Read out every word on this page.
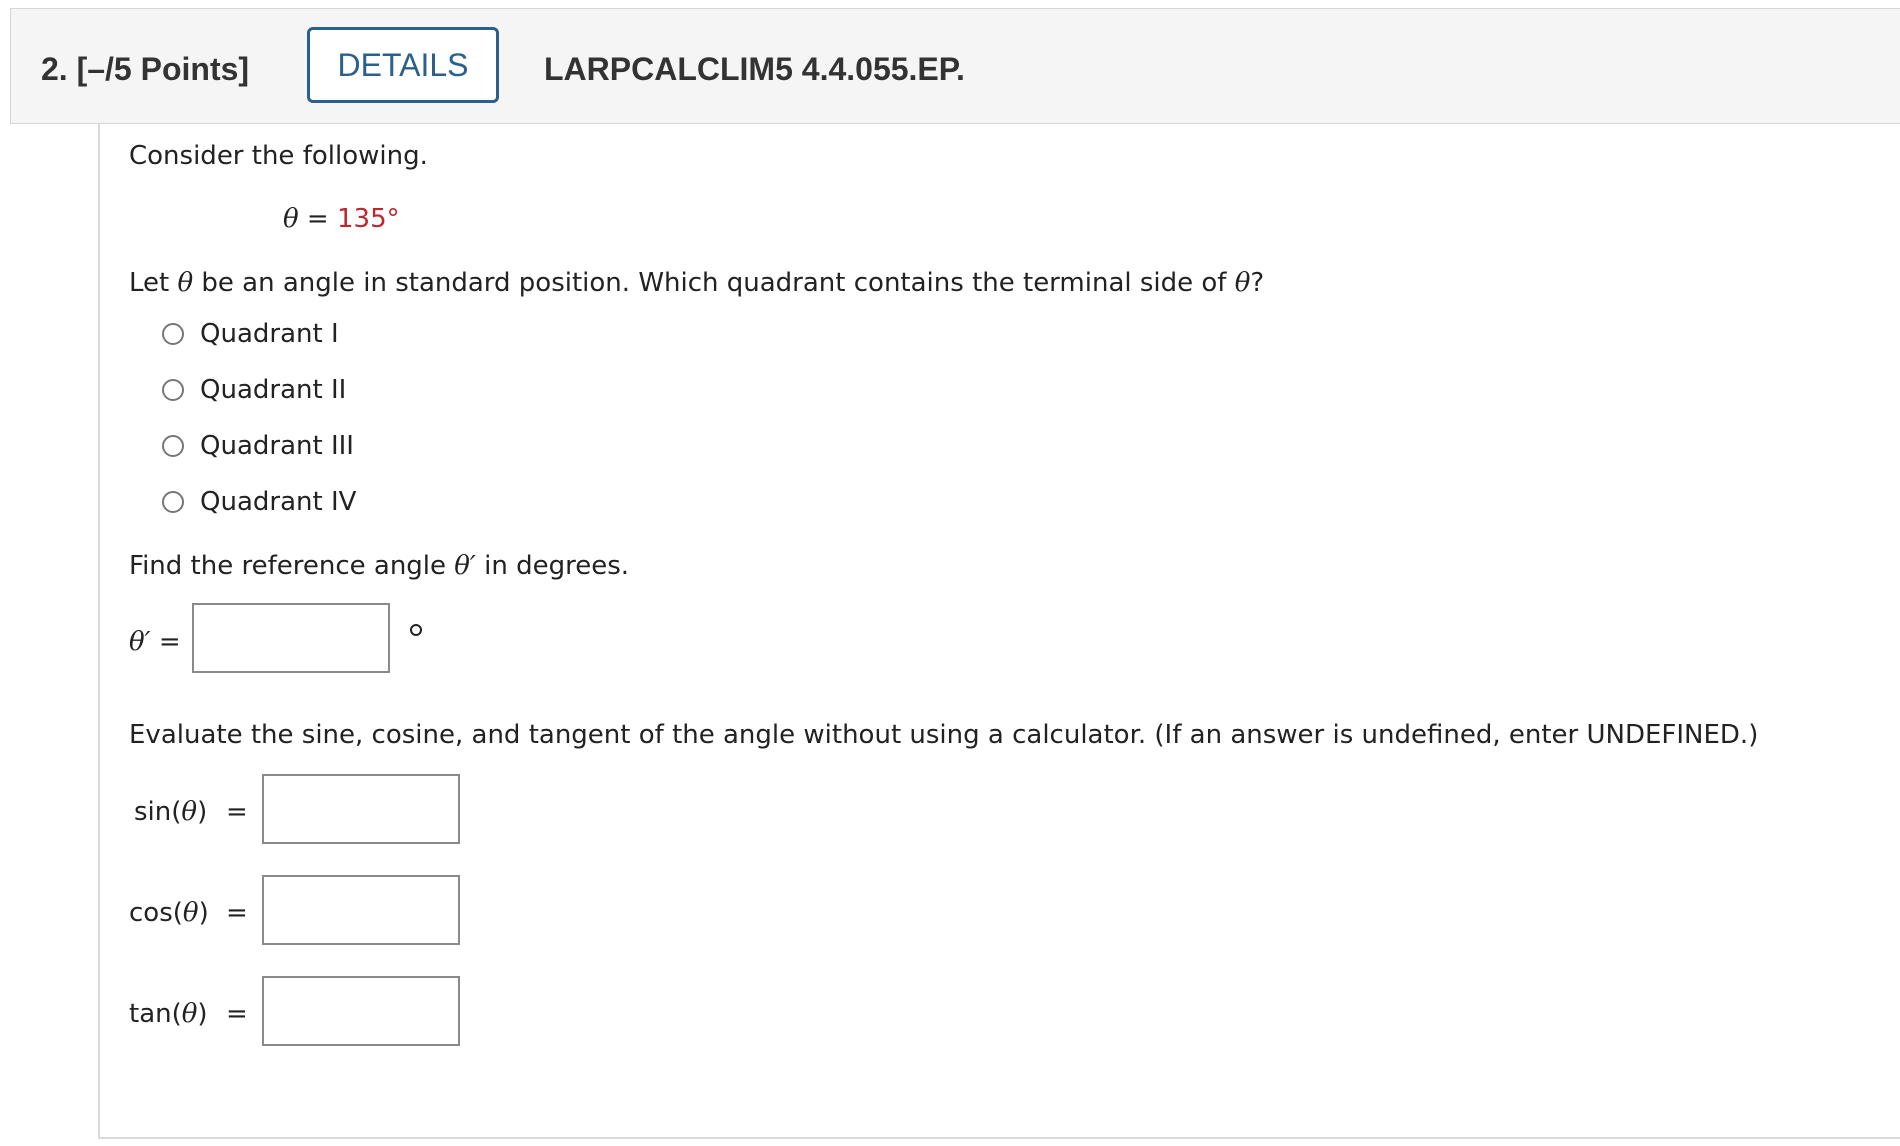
2. [–/5 Points]	DETAILS	LARPCALCLIM5 4.4.055.EP.
Consider the following.
θ = 135°
Let θ be an angle in standard position. Which quadrant contains the terminal side of θ?
Quadrant I
Quadrant II
Quadrant III
Quadrant IV
Find the reference angle θ′ in degrees.
θ′ =
Evaluate the sine, cosine, and tangent of the angle without using a calculator. (If an answer is undefined, enter UNDEFINED.)
sin(θ) =
cos(θ) =
tan(θ) =
